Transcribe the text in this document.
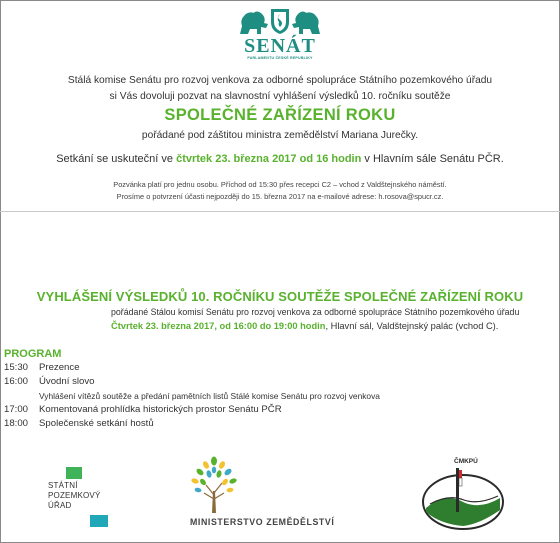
SENÁT
PARLAMENTU ČESKÉ REPUBLIKY
Stálá komise Senátu pro rozvoj venkova za odborné spolupráce Státního pozemkového úřadu
si Vás dovoluji pozvat na slavnostní vyhlášení výsledků 10. ročníku soutěže
SPOLEČNÉ ZAŘÍZENÍ ROKU
pořádané pod záštitou ministra zemědělství Mariana Jurečky.
Setkání se uskuteční ve čtvrtek 23. března 2017 od 16 hodin v Hlavním sále Senátu PČR.
Pozvánka platí pro jednu osobu. Příchod od 15:30 přes recepci C2 – vchod z Valdštejnského náměstí.
Prosíme o potvrzení účasti nejpozději do 15. března 2017 na e-mailové adrese: h.rosova@spucr.cz.
VYHLÁŠENÍ VÝSLEDKŮ 10. ROČNÍKU SOUTĚŽE SPOLEČNÉ ZAŘÍZENÍ ROKU
pořádané Stálou komisí Senátu pro rozvoj venkova za odborné spolupráce Státního pozemkového úřadu
Čtvrtek 23. března 2017, od 16:00 do 19:00 hodin, Hlavní sál, Valdštejnský palác (vchod C).
PROGRAM
15:30 Prezence
16:00 Úvodní slovo
Vyhlášení vítězů soutěže a předání pamětních listů Stálé komise Senátu pro rozvoj venkova
17:00 Komentovaná prohlídka historických prostor Senátu PČR
18:00 Společenské setkání hostů
STÁTNÍ
POZEMKOVÝ
ÚŘAD
MINISTERSTVO ZEMĚDĚLSTVÍ
ČMKPÚ
